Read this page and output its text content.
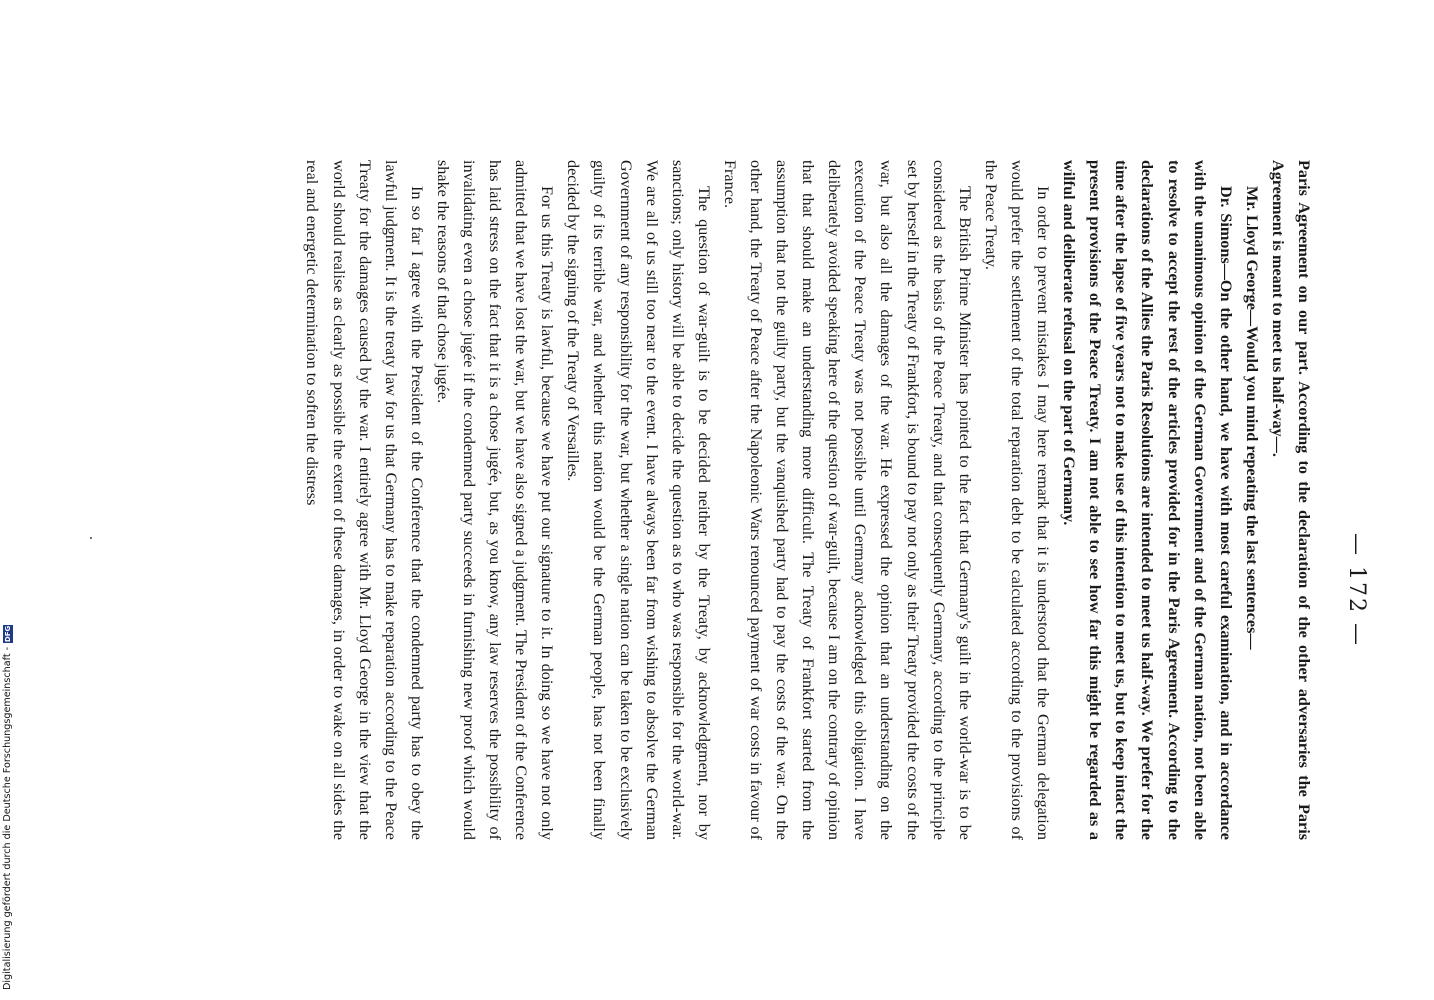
— 172 —

Paris Agreement on our part. According to the declaration of the other adversaries the Paris Agreement is meant to meet us half-way—.

Mr. Lloyd George—Would you mind repeating the last sentences—

Dr. Simons—On the other hand, we have with most careful examination, and in accordance with the unanimous opinion of the German Government and of the German nation, not been able to resolve to accept the rest of the articles provided for in the Paris Agreement. According to the declarations of the Allies the Paris Resolutions are intended to meet us half-way. We prefer for the time after the lapse of five years not to make use of this intention to meet us, but to keep intact the present provisions of the Peace Treaty. I am not able to see how far this might be regarded as a wilful and deliberate refusal on the part of Germany.

In order to prevent mistakes I may here remark that it is understood that the German delegation would prefer the settlement of the total reparation debt to be calculated according to the provisions of the Peace Treaty.

The British Prime Minister has pointed to the fact that Germany's guilt in the world-war is to be considered as the basis of the Peace Treaty, and that consequently Germany, according to the principle set by herself in the Treaty of Frankfort, is bound to pay not only as their Treaty provided the costs of the war, but also all the damages of the war. He expressed the opinion that an understanding on the execution of the Peace Treaty was not possible until Germany acknowledged this obligation. I have deliberately avoided speaking here of the question of war-guilt, because I am on the contrary of opinion that that should make an understanding more difficult. The Treaty of Frankfort started from the assumption that not the guilty party, but the vanquished party had to pay the costs of the war. On the other hand, the Treaty of Peace after the Napoleonic Wars renounced payment of war costs in favour of France.

The question of war-guilt is to be decided neither by the Treaty, by acknowledgment, nor by sanctions; only history will be able to decide the question as to who was responsible for the world-war. We are all of us still too near to the event. I have always been far from wishing to absolve the German Government of any responsibility for the war, but whether a single nation can be taken to be exclusively guilty of its terrible war, and whether this nation would be the German people, has not been finally decided by the signing of the Treaty of Versailles.

For us this Treaty is lawful, because we have put our signature to it. In doing so we have not only admitted that we have lost the war, but we have also signed a judgment. The President of the Conference has laid stress on the fact that it is a chose jugée, but, as you know, any law reserves the possibility of invalidating even a chose jugée if the condemned party succeeds in furnishing new proof which would shake the reasons of that chose jugée.

In so far I agree with the President of the Conference that the condemned party has to obey the lawful judgment. It is the treaty law for us that Germany has to make reparation according to the Peace Treaty for the damages caused by the war. I entirely agree with Mr. Lloyd George in the view that the world should realise as clearly as possible the extent of these damages, in order to wake on all sides the real and energetic determination to soften the distress

Digitalisierung gefördert durch die Deutsche Forschungsgemeinschaft -
DFG
